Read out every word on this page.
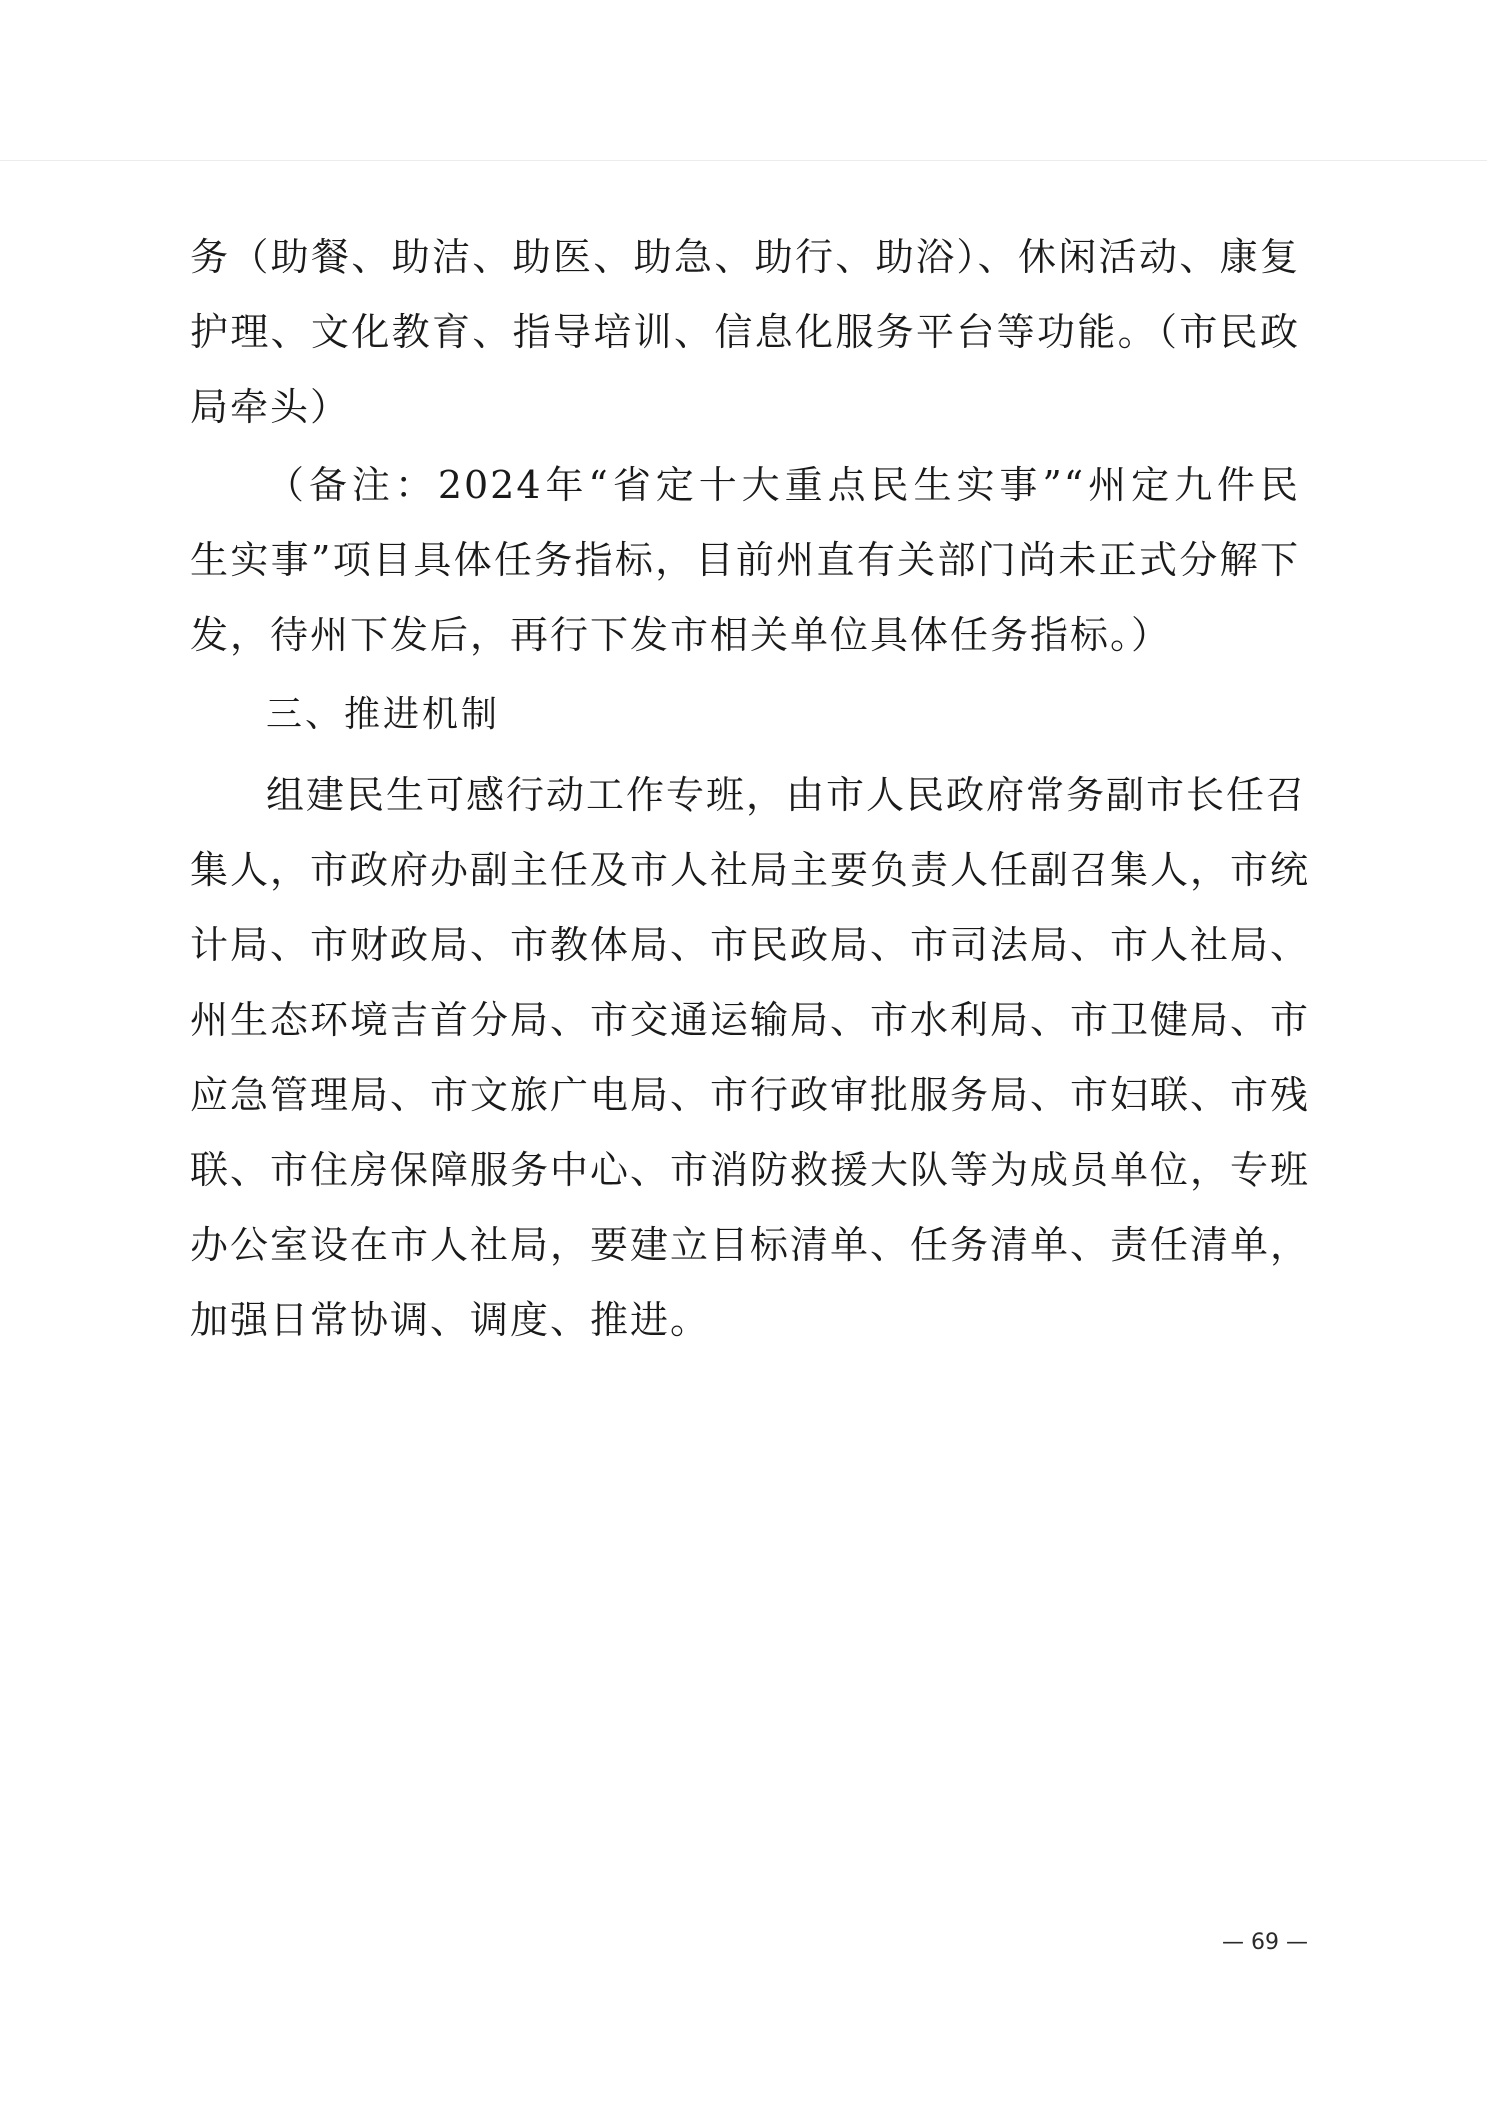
务（助餐、助洁、助医、助急、助行、助浴）、休闲活动、康复
护理、文化教育、指导培训、信息化服务平台等功能。（市民政
局牵头）
（备注：2024年“省定十大重点民生实事”“州定九件民
生实事”项目具体任务指标，目前州直有关部门尚未正式分解下
发，待州下发后，再行下发市相关单位具体任务指标。）
三、推进机制
组建民生可感行动工作专班，由市人民政府常务副市长任召
集人，市政府办副主任及市人社局主要负责人任副召集人，市统
计局、市财政局、市教体局、市民政局、市司法局、市人社局、
州生态环境吉首分局、市交通运输局、市水利局、市卫健局、市
应急管理局、市文旅广电局、市行政审批服务局、市妇联、市残
联、市住房保障服务中心、市消防救援大队等为成员单位，专班
办公室设在市人社局，要建立目标清单、任务清单、责任清单，
加强日常协调、调度、推进。
— 69 —
